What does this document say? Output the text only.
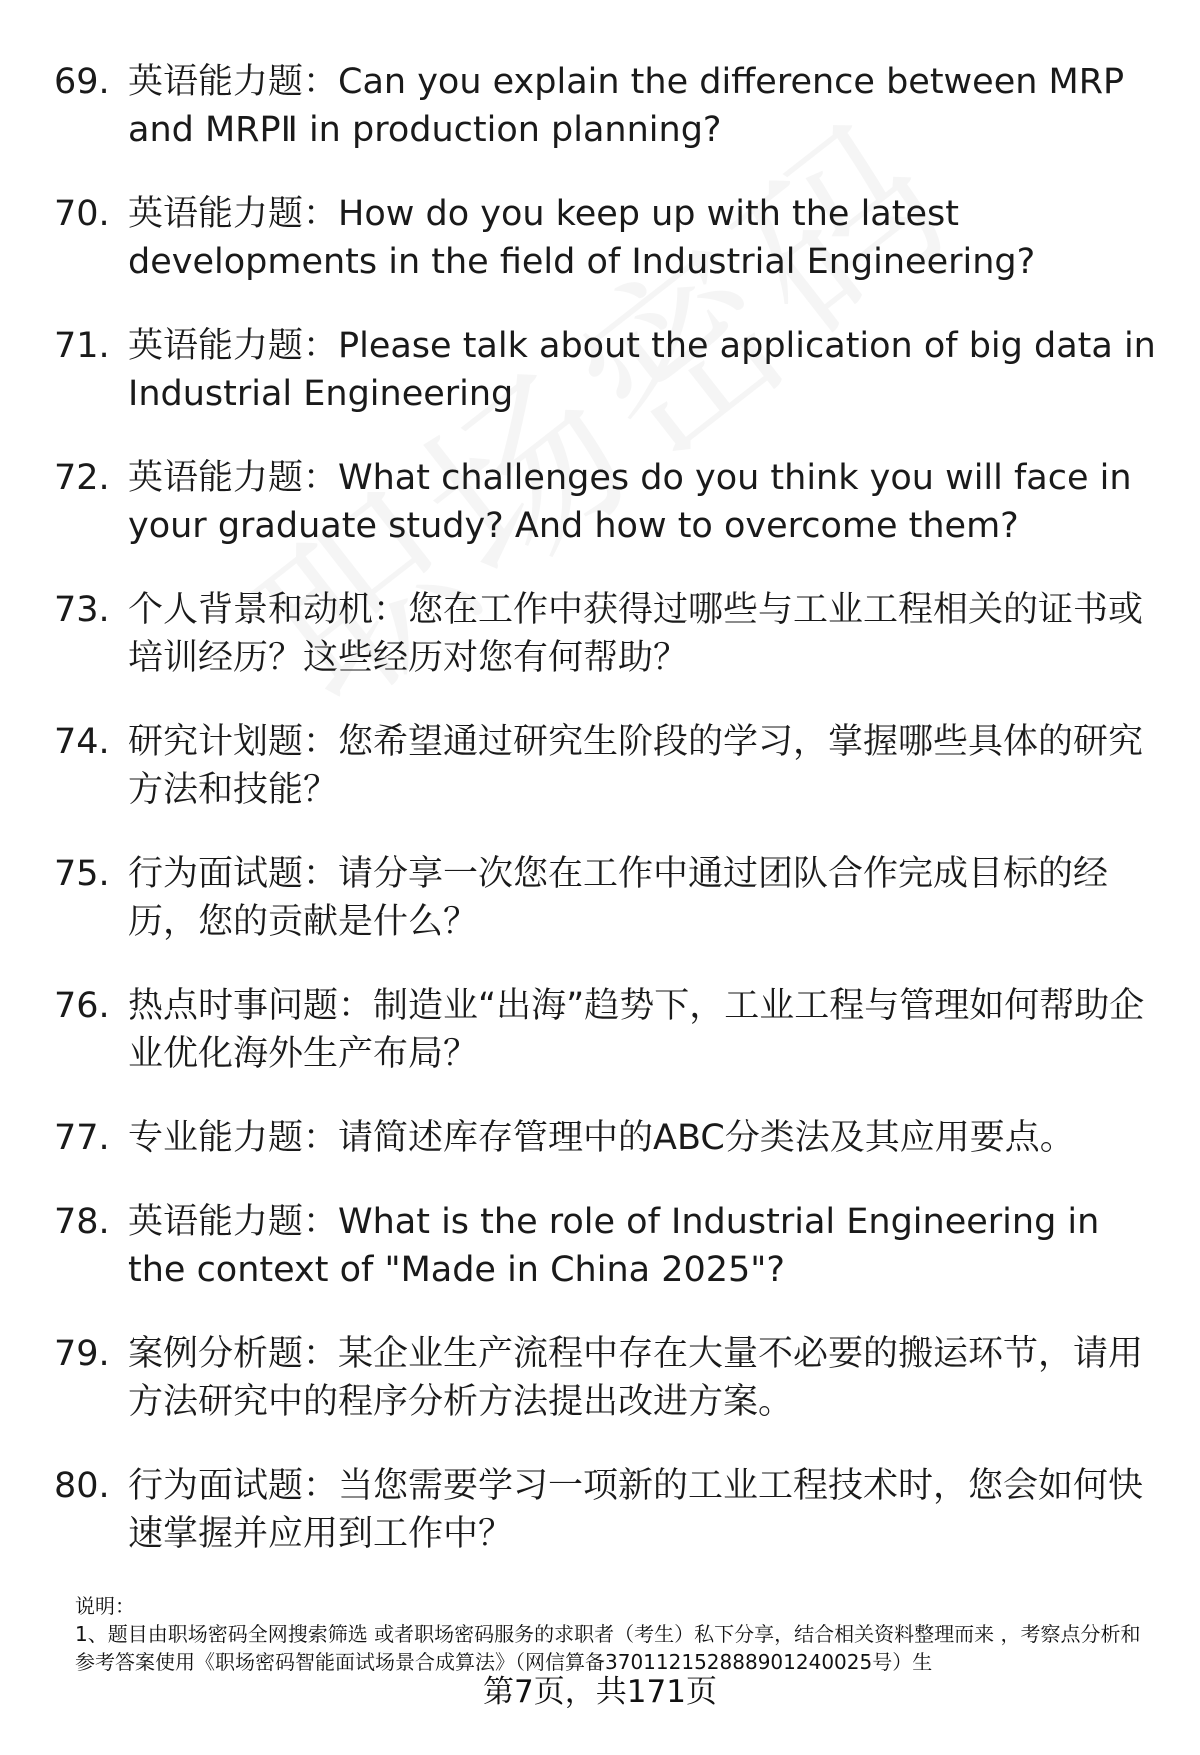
69. 英语能力题：Can you explain the difference between MRP and MRPⅡ in production planning?
70. 英语能力题：How do you keep up with the latest developments in the field of Industrial Engineering?
71. 英语能力题：Please talk about the application of big data in Industrial Engineering
72. 英语能力题：What challenges do you think you will face in your graduate study? And how to overcome them?
73. 个人背景和动机：您在工作中获得过哪些与工业工程相关的证书或培训经历？这些经历对您有何帮助？
74. 研究计划题：您希望通过研究生阶段的学习，掌握哪些具体的研究方法和技能？
75. 行为面试题：请分享一次您在工作中通过团队合作完成目标的经历，您的贡献是什么？
76. 热点时事问题：制造业“出海”趋势下，工业工程与管理如何帮助企业优化海外生产布局？
77. 专业能力题：请简述库存管理中的ABC分类法及其应用要点。
78. 英语能力题：What is the role of Industrial Engineering in the context of "Made in China 2025"?
79. 案例分析题：某企业生产流程中存在大量不必要的搬运环节，请用方法研究中的程序分析方法提出改进方案。
80. 行为面试题：当您需要学习一项新的工业工程技术时，您会如何快速掌握并应用到工作中？
说明：
1、题目由职场密码全网搜索筛选 或者职场密码服务的求职者（考生）私下分享，结合相关资料整理而来 ，考察点分析和参考答案使用《职场密码智能面试场景合成算法》（网信算备370112152888901240025号）生
第7页，共171页
